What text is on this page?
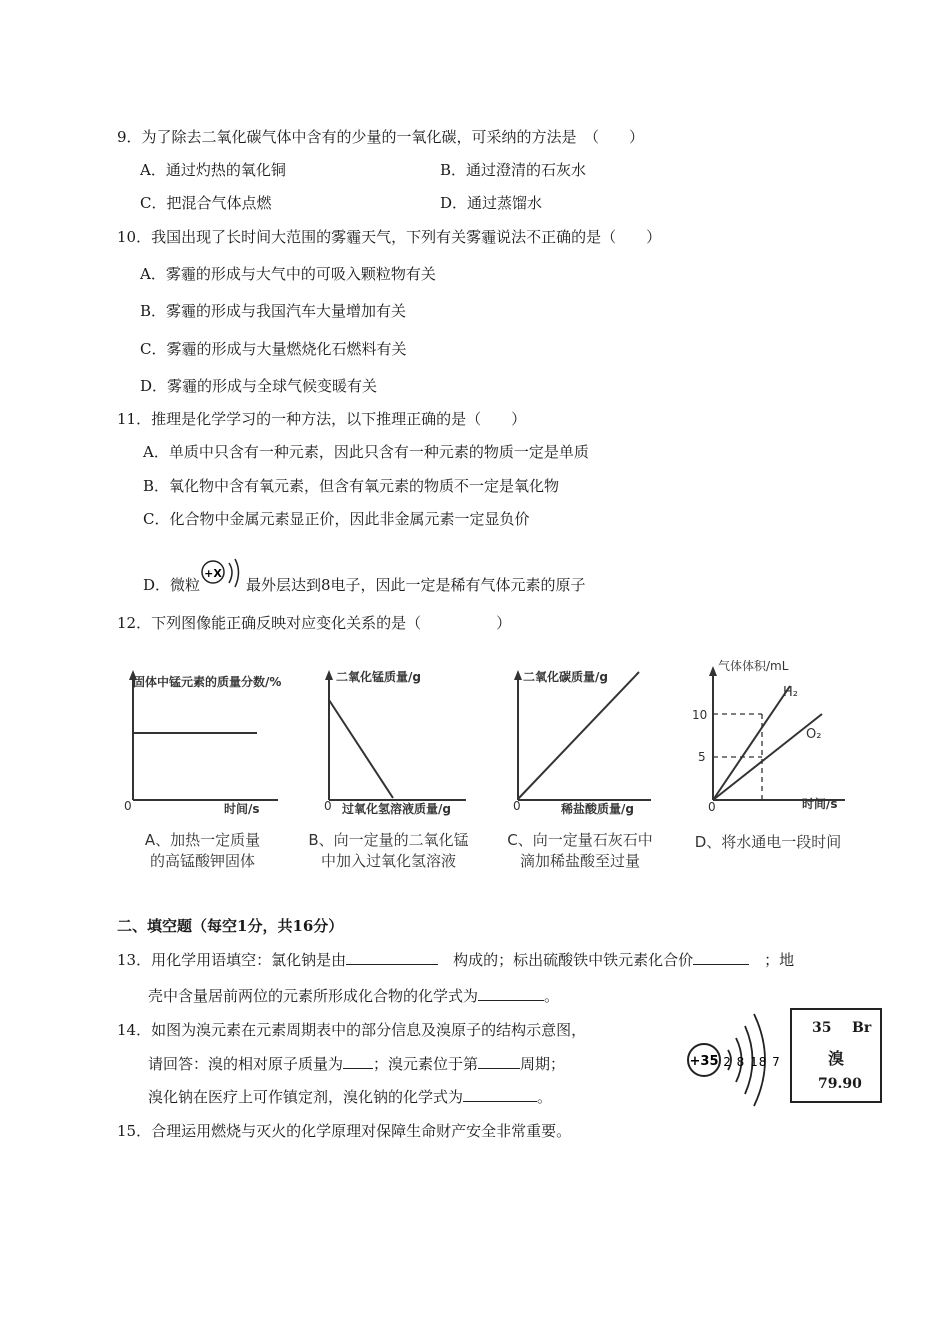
9．为了除去二氧化碳气体中含有的少量的一氧化碳，可采纳的方法是　（　　）
A．通过灼热的氧化铜	B．通过澄清的石灰水
C．把混合气体点燃	D．通过蒸馏水
10．我国出现了长时间大范围的雾霾天气，下列有关雾霾说法不正确的是（　　）
A．雾霾的形成与大气中的可吸入颗粒物有关
B．雾霾的形成与我国汽车大量增加有关
C．雾霾的形成与大量燃烧化石燃料有关
D．雾霾的形成与全球气候变暖有关
11．推理是化学学习的一种方法，以下推理正确的是（　　）
A．单质中只含有一种元素，因此只含有一种元素的物质一定是单质
B．氧化物中含有氧元素，但含有氧元素的物质不一定是氧化物
C．化合物中金属元素显正价，因此非金属元素一定显负价
D．微粒
+X
最外层达到8电子，因此一定是稀有气体元素的原子
12．下列图像能正确反映对应变化关系的是（　　　　　）
固体中锰元素的质量分数/%
0	时间/s
A、加热一定质量
的高锰酸钾固体
二氧化锰质量/g
0 过氧化氢溶液质量/g
B、向一定量的二氧化锰
中加入过氧化氢溶液
二氧化碳质量/g
0	稀盐酸质量/g
C、向一定量石灰石中
滴加稀盐酸至过量
气体体积/mL
10
5
H₂
O₂
0	时间/s
D、将水通电一段时间
二、填空题（每空1分，共16分）
13．用化学用语填空：氯化钠是由　	构成的；标出硫酸铁中铁元素化合价　	；地
壳中含量居前两位的元素所形成化合物的化学式为	。
14．如图为溴元素在元素周期表中的部分信息及溴原子的结构示意图，
请回答：溴的相对原子质量为 ；溴元素位于第	周期；
溴化钠在医疗上可作镇定剂，溴化钠的化学式为	。
+35 2 8 18 7
35 Br
溴
79.90
15．合理运用燃烧与灭火的化学原理对保障生命财产安全非常重要。
